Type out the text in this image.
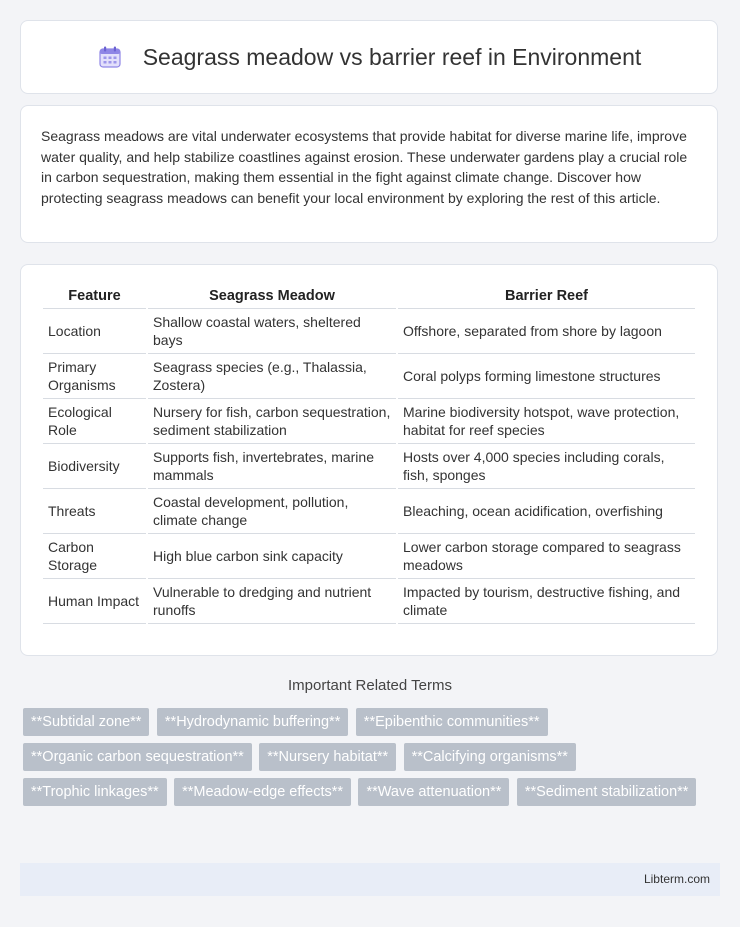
Seagrass meadow vs barrier reef in Environment
Seagrass meadows are vital underwater ecosystems that provide habitat for diverse marine life, improve water quality, and help stabilize coastlines against erosion. These underwater gardens play a crucial role in carbon sequestration, making them essential in the fight against climate change. Discover how protecting seagrass meadows can benefit your local environment by exploring the rest of this article.
Feature	Seagrass Meadow	Barrier Reef
Location	Shallow coastal waters, sheltered bays	Offshore, separated from shore by lagoon
Primary Organisms	Seagrass species (e.g., Thalassia, Zostera)	Coral polyps forming limestone structures
Ecological Role	Nursery for fish, carbon sequestration, sediment stabilization	Marine biodiversity hotspot, wave protection, habitat for reef species
Biodiversity	Supports fish, invertebrates, marine mammals	Hosts over 4,000 species including corals, fish, sponges
Threats	Coastal development, pollution, climate change	Bleaching, ocean acidification, overfishing
Carbon Storage	High blue carbon sink capacity	Lower carbon storage compared to seagrass meadows
Human Impact	Vulnerable to dredging and nutrient runoffs	Impacted by tourism, destructive fishing, and climate
Important Related Terms
**Subtidal zone** **Hydrodynamic buffering** **Epibenthic communities** **Organic carbon sequestration** **Nursery habitat** **Calcifying organisms** **Trophic linkages** **Meadow-edge effects** **Wave attenuation** **Sediment stabilization**
Libterm.com
